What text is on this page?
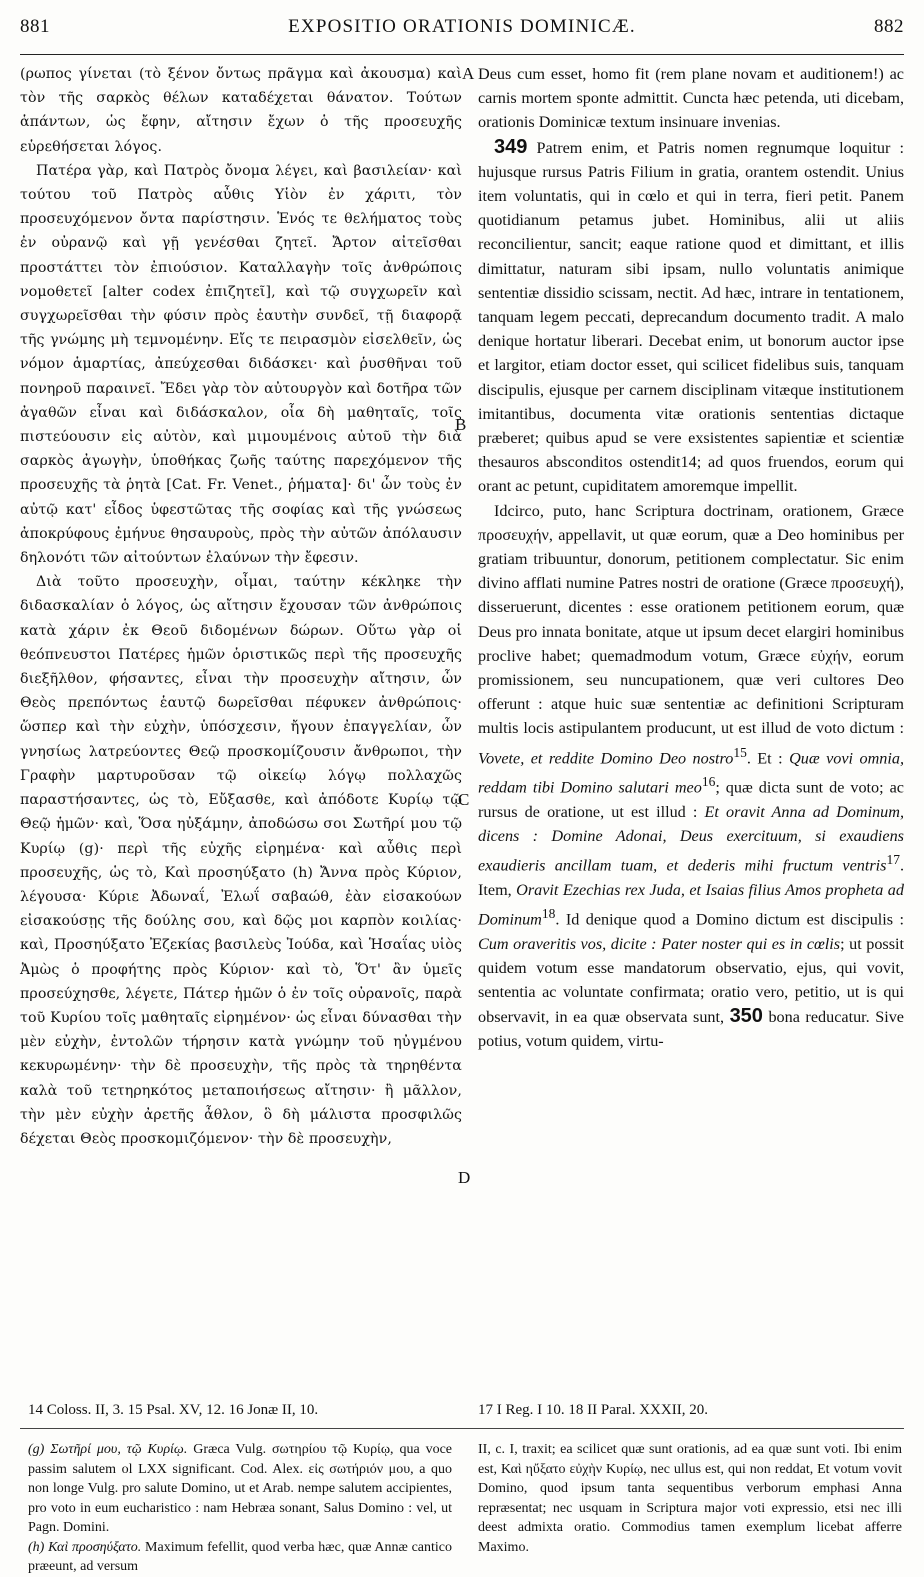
881	EXPOSITIO ORATIONIS DOMINICÆ.	882
A
B
C
D

(ρωπος γίνεται (τὸ ξένον ὄντως πρᾶγμα καὶ ἀκουσμα) καὶ τὸν τῆς σαρκὸς θέλων καταδέχεται θάνατον. Τούτων ἁπάντων, ὡς ἔφην, αἴτησιν ἔχων ὁ τῆς προσευχῆς εὑρεθήσεται λόγος.

Πατέρα γὰρ, καὶ Πατρὸς ὄνομα λέγει, καὶ βασιλείαν· καὶ τούτου τοῦ Πατρὸς αὖθις Υἱὸν ἐν χάριτι, τὸν προσευχόμενον ὄντα παρίστησιν. Ἑνός τε θελήματος τοὺς ἐν οὐρανῷ καὶ γῇ γενέσθαι ζητεῖ. Ἄρτον αἰτεῖσθαι προστάττει τὸν ἐπιούσιον. Καταλλαγὴν τοῖς ἀνθρώποις νομοθετεῖ [alter codex ἐπιζητεῖ], καὶ τῷ συγχωρεῖν καὶ συγχωρεῖσθαι τὴν φύσιν πρὸς ἑαυτὴν συνδεῖ, τῇ διαφορᾷ τῆς γνώμης μὴ τεμνομένην. Εἴς τε πειρασμὸν εἰσελθεῖν, ὡς νόμον ἁμαρτίας, ἀπεύχεσθαι διδάσκει· καὶ ῥυσθῆναι τοῦ πονηροῦ παραινεῖ. Ἔδει γὰρ τὸν αὐτουργὸν καὶ δοτῆρα τῶν ἀγαθῶν εἶναι καὶ διδάσκαλον, οἷα δὴ μαθηταῖς, τοῖς πιστεύουσιν εἰς αὐτὸν, καὶ μιμουμένοις αὐτοῦ τὴν διὰ σαρκὸς ἀγωγὴν, ὑποθήκας ζωῆς ταύτης παρεχόμενον τῆς προσευχῆς τὰ ῥητὰ [Cat. Fr. Venet., ῥήματα]· δι' ὧν τοὺς ἐν αὐτῷ κατ' εἶδος ὑφεστῶτας τῆς σοφίας καὶ τῆς γνώσεως ἀποκρύφους ἐμήνυε θησαυροὺς, πρὸς τὴν αὐτῶν ἀπόλαυσιν δηλονότι τῶν αἰτούντων ἐλαύνων τὴν ἔφεσιν.

Διὰ τοῦτο προσευχὴν, οἶμαι, ταύτην κέκληκε τὴν διδασκαλίαν ὁ λόγος, ὡς αἴτησιν ἔχουσαν τῶν ἀνθρώποις κατὰ χάριν ἐκ Θεοῦ διδομένων δώρων. Οὕτω γὰρ οἱ θεόπνευστοι Πατέρες ἡμῶν ὁριστικῶς περὶ τῆς προσευχῆς διεξῆλθον, φήσαντες, εἶναι τὴν προσευχὴν αἴτησιν, ὧν Θεὸς πρεπόντως ἑαυτῷ δωρεῖσθαι πέφυκεν ἀνθρώποις· ὥσπερ καὶ τὴν εὐχὴν, ὑπόσχεσιν, ἤγουν ἐπαγγελίαν, ὧν γνησίως λατρεύοντες Θεῷ προσκομίζουσιν ἄνθρωποι, τὴν Γραφὴν μαρτυροῦσαν τῷ οἰκείῳ λόγῳ πολλαχῶς παραστήσαντες, ὡς τὸ, Εὔξασθε, καὶ ἀπόδοτε Κυρίῳ τῷ Θεῷ ἡμῶν· καὶ, Ὅσα ηὐξάμην, ἀποδώσω σοι Σωτῆρί μου τῷ Κυρίῳ (g)· περὶ τῆς εὐχῆς εἰρημένα· καὶ αὖθις περὶ προσευχῆς, ὡς τὸ, Καὶ προσηύξατο (h) Ἄννα πρὸς Κύριον, λέγουσα· Κύριε Ἀδωναΐ, Ἐλωΐ σαβαώθ, ἐὰν εἰσακούων εἰσακούσῃς τῆς δούλης σου, καὶ δῷς μοι καρπὸν κοιλίας· καὶ, Προσηύξατο Ἐζεκίας βασιλεὺς Ἰούδα, καὶ Ἡσαΐας υἱὸς Ἀμὼς ὁ προφήτης πρὸς Κύριον· καὶ τὸ, Ὅτ' ἂν ὑμεῖς προσεύχησθε, λέγετε, Πάτερ ἡμῶν ὁ ἐν τοῖς οὐρανοῖς, παρὰ τοῦ Κυρίου τοῖς μαθηταῖς εἰρημένον· ὡς εἶναι δύνασθαι τὴν μὲν εὐχὴν, ἐντολῶν τήρησιν κατὰ γνώμην τοῦ ηὐγμένου κεκυρωμένην· τὴν δὲ προσευχὴν, τῆς πρὸς τὰ τηρηθέντα καλὰ τοῦ τετηρηκότος μεταποιήσεως αἴτησιν· ἢ μᾶλλον, τὴν μὲν εὐχὴν ἀρετῆς ἆθλον, ὃ δὴ μάλιστα προσφιλῶς δέχεται Θεὸς προσκομιζόμενον· τὴν δὲ προσευχὴν,

Deus cum esset, homo fit (rem plane novam et auditionem!) ac carnis mortem sponte admittit. Cuncta hæc petenda, uti dicebam, orationis Dominicæ textum insinuare invenias.

349 Patrem enim, et Patris nomen regnumque loquitur : hujusque rursus Patris Filium in gratia, orantem ostendit. Unius item voluntatis, qui in cœlo et qui in terra, fieri petit. Panem quotidianum petamus jubet. Hominibus, alii ut aliis reconcilientur, sancit; eaque ratione quod et dimittant, et illis dimittatur, naturam sibi ipsam, nullo voluntatis animique sententiæ dissidio scissam, nectit. Ad hæc, intrare in tentationem, tanquam legem peccati, deprecandum documento tradit. A malo denique hortatur liberari. Decebat enim, ut bonorum auctor ipse et largitor, etiam doctor esset, qui scilicet fidelibus suis, tanquam discipulis, ejusque per carnem disciplinam vitæque institutionem imitantibus, documenta vitæ orationis sententias dictaque præberet; quibus apud se vere exsistentes sapientiæ et scientiæ thesauros absconditos ostendit14; ad quos fruendos, eorum qui orant ac petunt, cupiditatem amoremque impellit.

Idcirco, puto, hanc Scriptura doctrinam, orationem, Græce προσευχήν, appellavit, ut quæ eorum, quæ a Deo hominibus per gratiam tribuuntur, donorum, petitionem complectatur. Sic enim divino afflati numine Patres nostri de oratione (Græce προσευχή), disseruerunt, dicentes : esse orationem petitionem eorum, quæ Deus pro innata bonitate, atque ut ipsum decet elargiri hominibus proclive habet; quemadmodum votum, Græce εὐχήν, eorum promissionem, seu nuncupationem, quæ veri cultores Deo offerunt : atque huic suæ sententiæ ac definitioni Scripturam multis locis astipulantem producunt, ut est illud de voto dictum : Vovete, et reddite Domino Deo nostro$^{15}$. Et : Quæ vovi omnia, reddam tibi Domino salutari meo$^{16}$; quæ dicta sunt de voto; ac rursus de oratione, ut est illud : Et oravit Anna ad Dominum, dicens : Domine Adonai, Deus exercituum, si exaudiens exaudieris ancillam tuam, et dederis mihi fructum ventris$^{17}$. Item, Oravit Ezechias rex Juda, et Isaias filius Amos propheta ad Dominum$^{18}$. Id denique quod a Domino dictum est discipulis : Cum oraveritis vos, dicite : Pater noster qui es in cœlis; ut possit quidem votum esse mandatorum observatio, ejus, qui vovit, sententia ac voluntate confirmata; oratio vero, petitio, ut is qui observavit, in ea quæ observata sunt, 350 bona reducatur. Sive potius, votum quidem, virtu-

14 Coloss. II, 3. 15 Psal. XV, 12. 16 Jonæ II, 10.	17 I Reg. I 10. 18 II Paral. XXXII, 20.

(g) Σωτῆρί μου, τῷ Κυρίῳ. Græca Vulg. σωτηρίου τῷ Κυρίῳ, qua voce passim salutem ol LXX significant. Cod. Alex. εἰς σωτήριόν μου, a quo non longe Vulg. pro salute Domino, ut et Arab. nempe salutem accipientes, pro voto in eum eucharistico : nam Hebræa sonant, Salus Domino : vel, ut Pagn. Domini.

(h) Καὶ προσηύξατο. Maximum fefellit, quod verba hæc, quæ Annæ cantico præeunt, ad versum

II, c. I, traxit; ea scilicet quæ sunt orationis, ad ea quæ sunt voti. Ibi enim est, Καὶ ηὔξατο εὐχὴν Κυρίῳ, nec ullus est, qui non reddat, Et votum vovit Domino, quod ipsum tanta sequentibus verborum emphasi Anna repræsentat; nec usquam in Scriptura major voti expressio, etsi nec illi deest admixta oratio. Commodius tamen exemplum licebat afferre Maximo.
